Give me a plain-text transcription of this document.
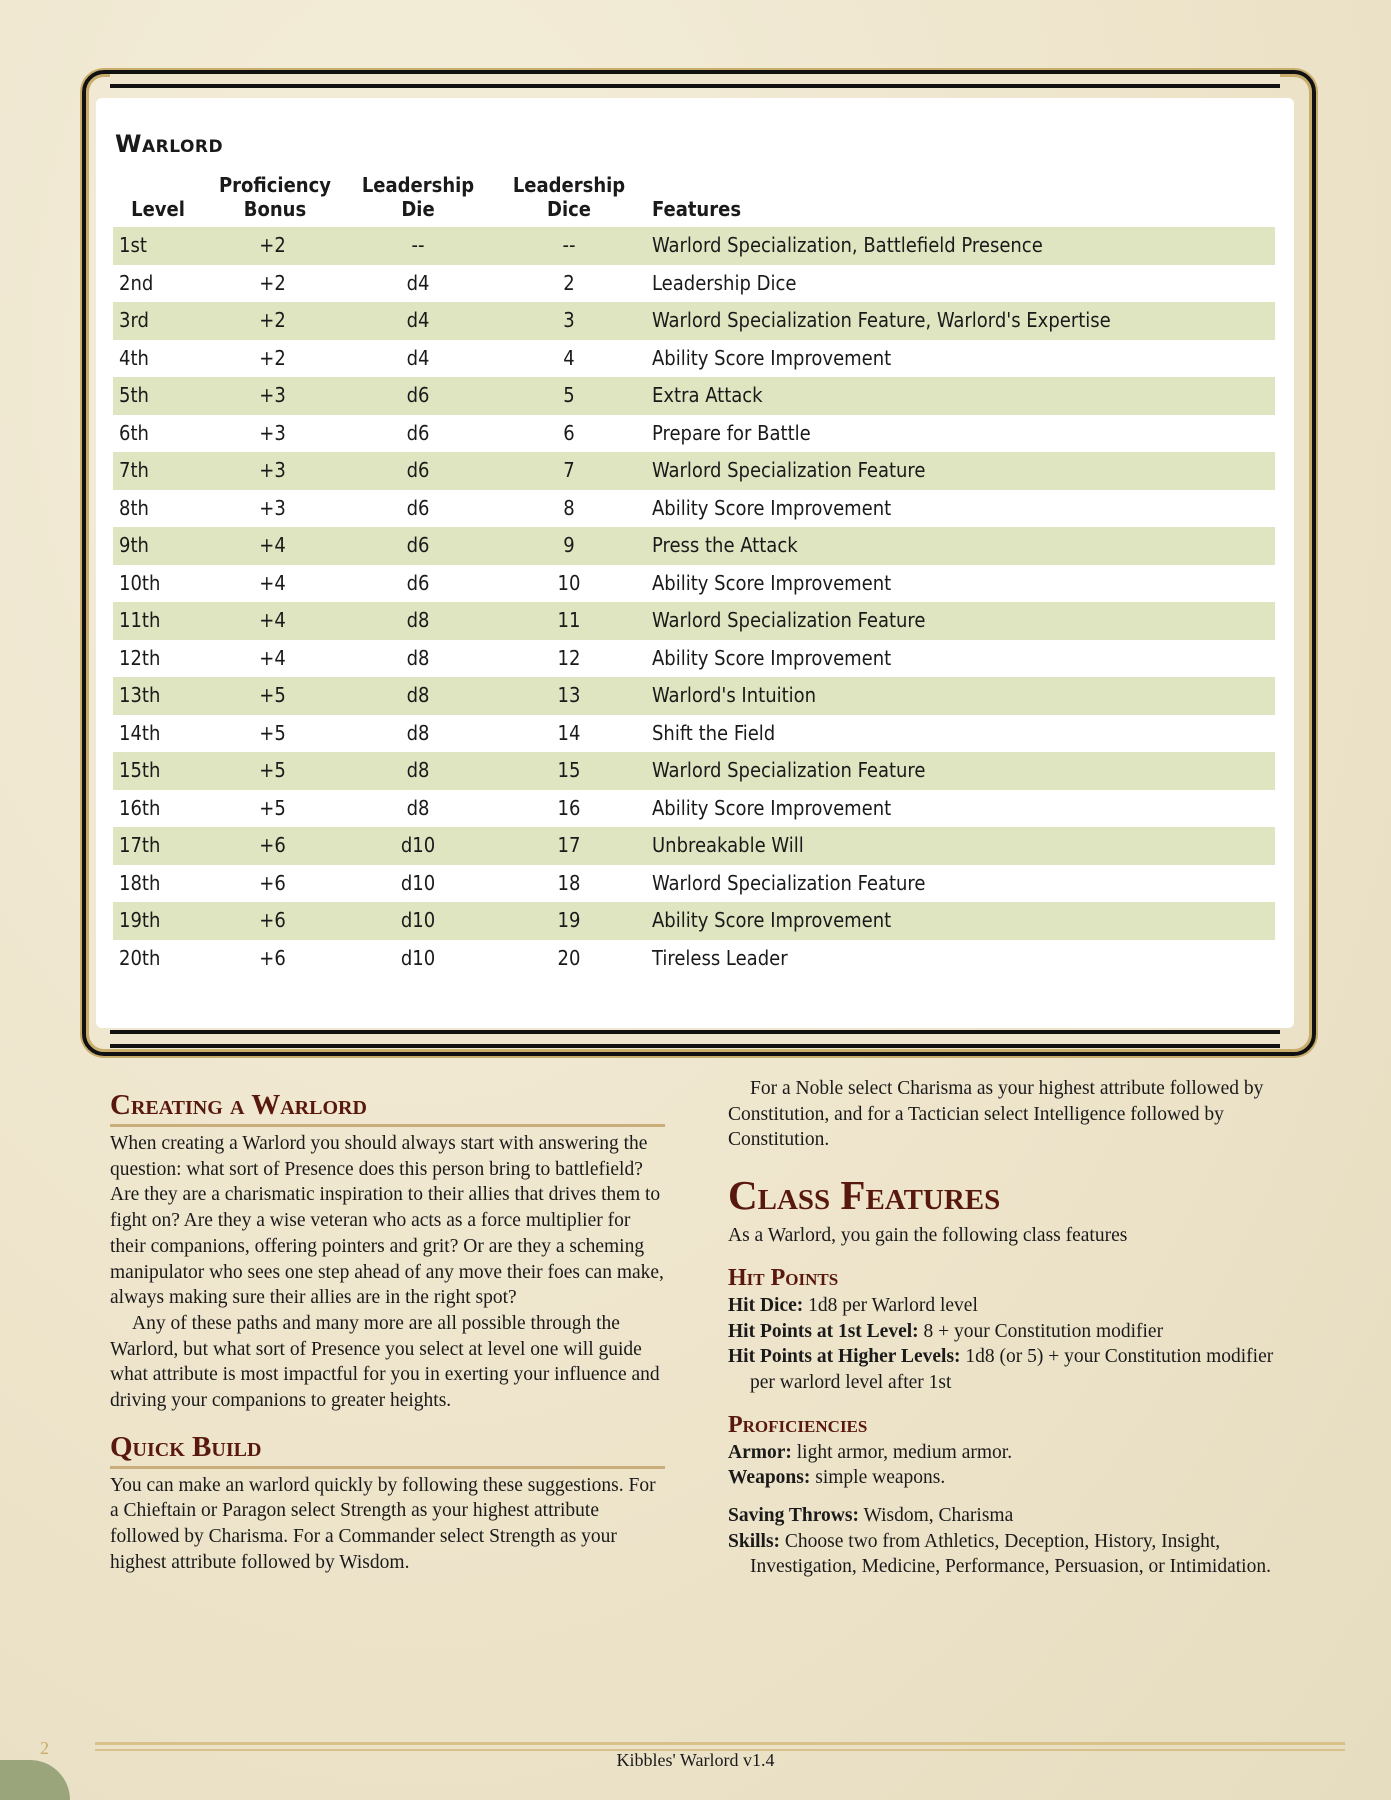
Warlord
Level	Proficiency Bonus	Leadership Die	Leadership Dice	Features
1st	+2	--	--	Warlord Specialization, Battlefield Presence
2nd	+2	d4	2	Leadership Dice
3rd	+2	d4	3	Warlord Specialization Feature, Warlord's Expertise
4th	+2	d4	4	Ability Score Improvement
5th	+3	d6	5	Extra Attack
6th	+3	d6	6	Prepare for Battle
7th	+3	d6	7	Warlord Specialization Feature
8th	+3	d6	8	Ability Score Improvement
9th	+4	d6	9	Press the Attack
10th	+4	d6	10	Ability Score Improvement
11th	+4	d8	11	Warlord Specialization Feature
12th	+4	d8	12	Ability Score Improvement
13th	+5	d8	13	Warlord's Intuition
14th	+5	d8	14	Shift the Field
15th	+5	d8	15	Warlord Specialization Feature
16th	+5	d8	16	Ability Score Improvement
17th	+6	d10	17	Unbreakable Will
18th	+6	d10	18	Warlord Specialization Feature
19th	+6	d10	19	Ability Score Improvement
20th	+6	d10	20	Tireless Leader
Creating a Warlord

When creating a Warlord you should always start with answering the question: what sort of Presence does this person bring to battlefield? Are they are a charismatic inspiration to their allies that drives them to fight on? Are they a wise veteran who acts as a force multiplier for their companions, offering pointers and grit? Or are they a scheming manipulator who sees one step ahead of any move their foes can make, always making sure their allies are in the right spot?

Any of these paths and many more are all possible through the Warlord, but what sort of Presence you select at level one will guide what attribute is most impactful for you in exerting your influence and driving your companions to greater heights.

Quick Build

You can make an warlord quickly by following these suggestions. For a Chieftain or Paragon select Strength as your highest attribute followed by Charisma. For a Commander select Strength as your highest attribute followed by Wisdom.

For a Noble select Charisma as your highest attribute followed by Constitution, and for a Tactician select Intelligence followed by Constitution.

Class Features

As a Warlord, you gain the following class features

Hit Points

Hit Dice: 1d8 per Warlord level

Hit Points at 1st Level: 8 + your Constitution modifier

Hit Points at Higher Levels: 1d8 (or 5) + your Constitution modifier per warlord level after 1st

Proficiencies

Armor: light armor, medium armor.

Weapons: simple weapons.

Saving Throws: Wisdom, Charisma

Skills: Choose two from Athletics, Deception, History, Insight, Investigation, Medicine, Performance, Persuasion, or Intimidation.

2
Kibbles' Warlord v1.4
